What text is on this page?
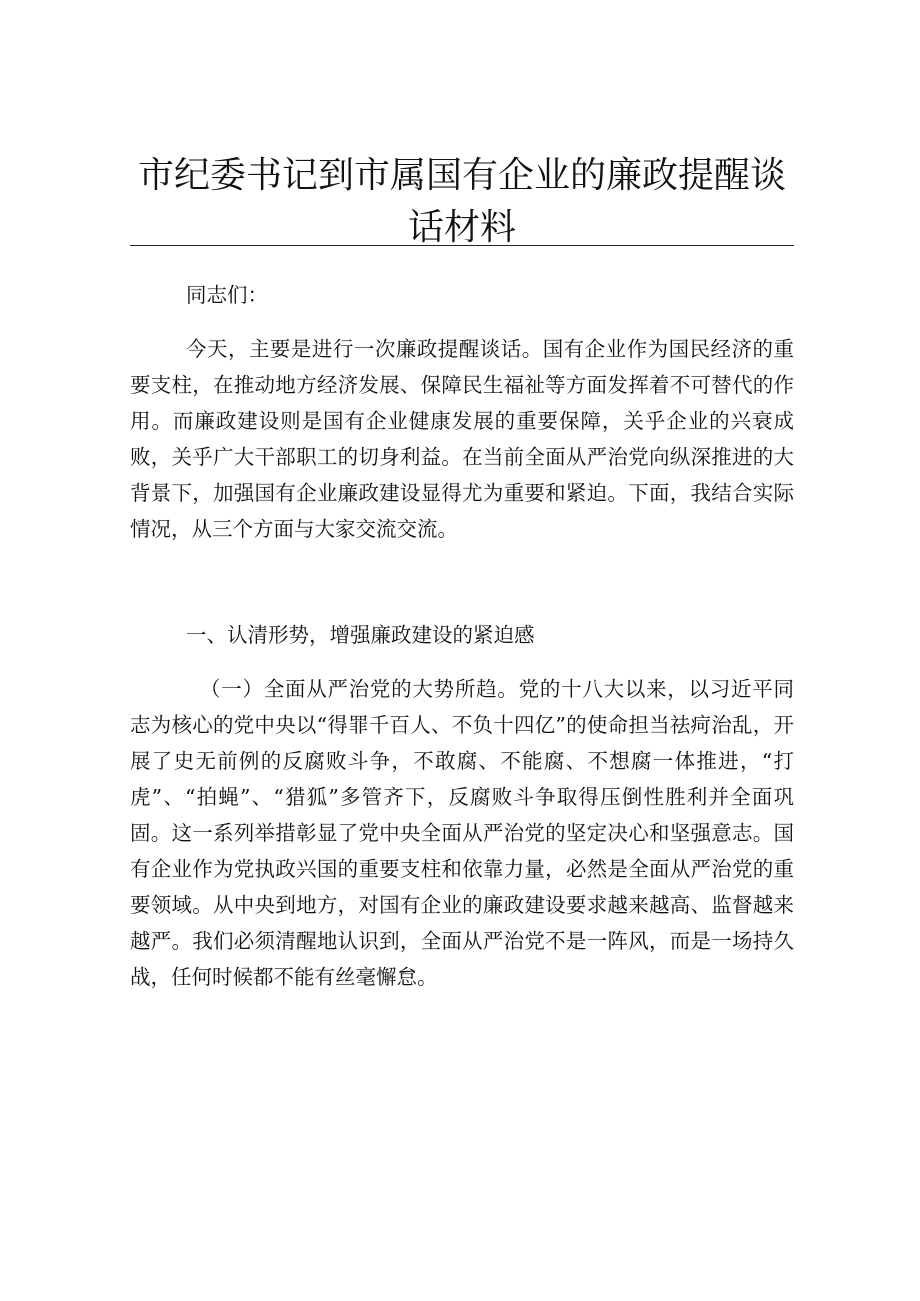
市纪委书记到市属国有企业的廉政提醒谈话材料

同志们：

今天，主要是进行一次廉政提醒谈话。国有企业作为国民经济的重要支柱，在推动地方经济发展、保障民生福祉等方面发挥着不可替代的作用。而廉政建设则是国有企业健康发展的重要保障，关乎企业的兴衰成败，关乎广大干部职工的切身利益。在当前全面从严治党向纵深推进的大背景下，加强国有企业廉政建设显得尤为重要和紧迫。下面，我结合实际情况，从三个方面与大家交流交流。

一、认清形势，增强廉政建设的紧迫感

（一）全面从严治党的大势所趋。党的十八大以来，以习近平同志为核心的党中央以“得罪千百人、不负十四亿”的使命担当祛疴治乱，开展了史无前例的反腐败斗争，不敢腐、不能腐、不想腐一体推进，“打虎”、“拍蝇”、“猎狐”多管齐下，反腐败斗争取得压倒性胜利并全面巩固。这一系列举措彰显了党中央全面从严治党的坚定决心和坚强意志。国有企业作为党执政兴国的重要支柱和依靠力量，必然是全面从严治党的重要领域。从中央到地方，对国有企业的廉政建设要求越来越高、监督越来越严。我们必须清醒地认识到，全面从严治党不是一阵风，而是一场持久战，任何时候都不能有丝毫懈怠。
